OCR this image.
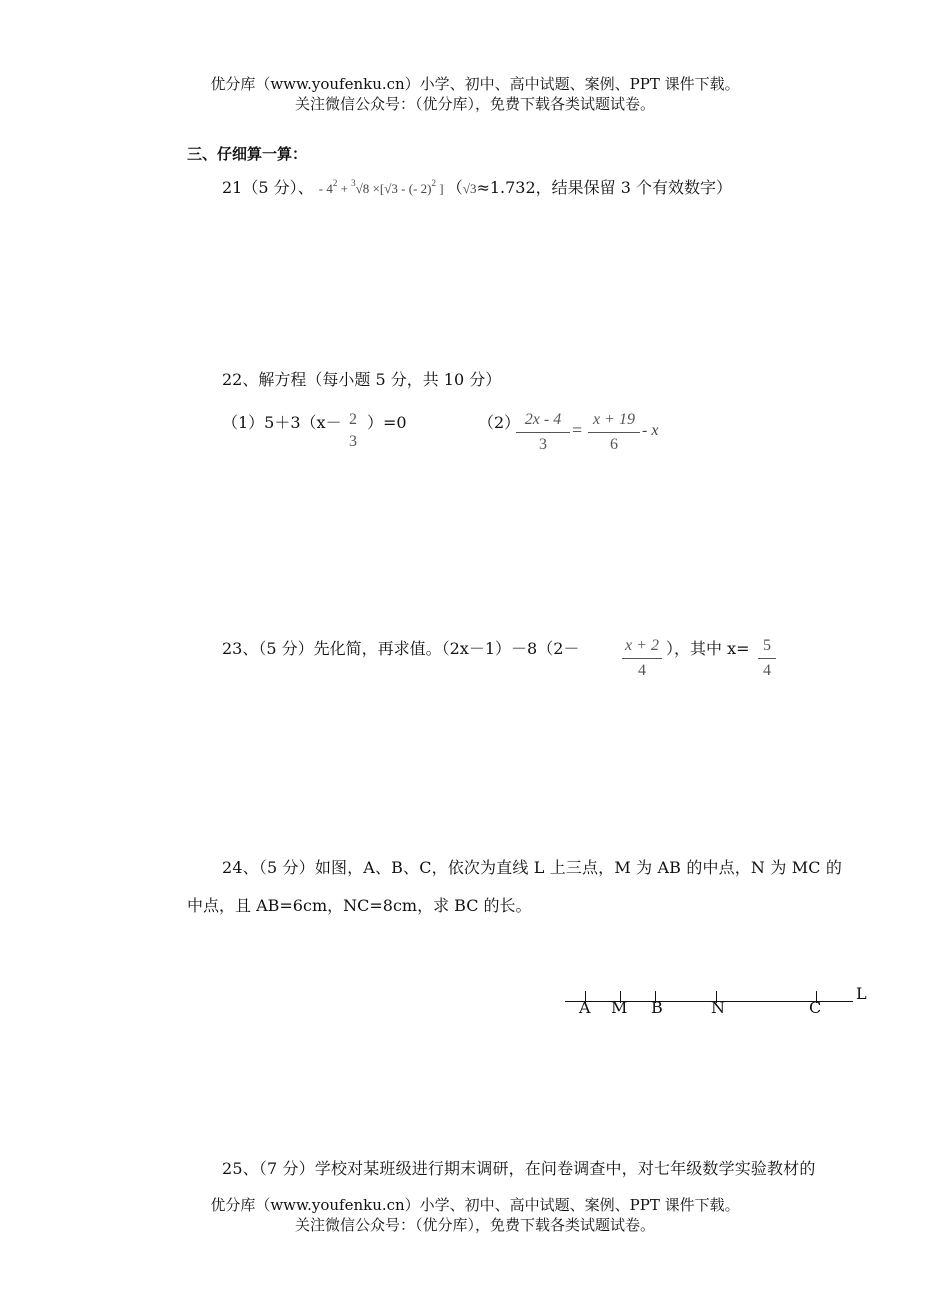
优分库（www.youfenku.cn）小学、初中、高中试题、案例、PPT 课件下载。
关注微信公众号：（优分库），免费下载各类试题试卷。
三、仔细算一算：
21（5 分）、 - $4^2 + ^3√8 \times[√3$ - (- 2)$^2$ ] （√3≈1.732，结果保留 3 个有效数字）
22、解方程（每小题 5 分，共 10 分）
（1）5＋3（x－ 2
3
）=0	（2） 2x - 4
3
=
x + 19
6
- x
23、（5 分）先化简，再求值。（2x－1）－8（2－	x + 2
4
），其中 x= 5
4
24、（5 分）如图，A、B、C，依次为直线 L 上三点，M 为 AB 的中点，N 为 MC 的
中点，且 AB=6cm，NC=8cm，求 BC 的长。
L
A M B	N	C
25、（7 分）学校对某班级进行期末调研，在问卷调查中，对七年级数学实验教材的
优分库（www.youfenku.cn）小学、初中、高中试题、案例、PPT 课件下载。
关注微信公众号：（优分库），免费下载各类试题试卷。
